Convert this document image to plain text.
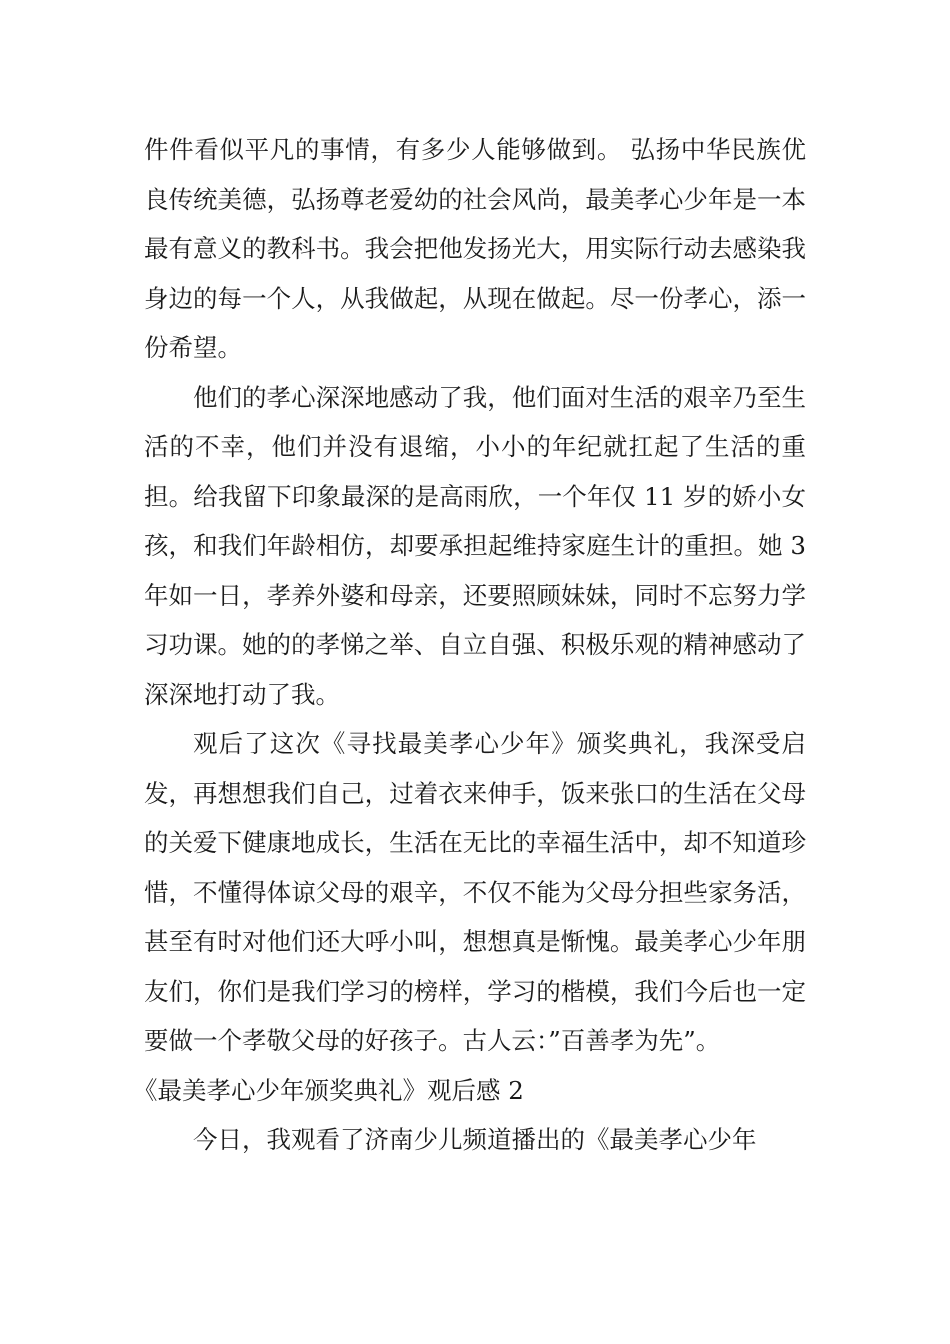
件件看似平凡的事情，有多少人能够做到。 弘扬中华民族优良传统美德，弘扬尊老爱幼的社会风尚，最美孝心少年是一本最有意义的教科书。我会把他发扬光大，用实际行动去感染我身边的每一个人，从我做起，从现在做起。尽一份孝心，添一份希望。

他们的孝心深深地感动了我，他们面对生活的艰辛乃至生活的不幸，他们并没有退缩，小小的年纪就扛起了生活的重担。给我留下印象最深的是高雨欣，一个年仅 11 岁的娇小女孩，和我们年龄相仿，却要承担起维持家庭生计的重担。她 3 年如一日，孝养外婆和母亲，还要照顾妹妹，同时不忘努力学习功课。她的的孝悌之举、自立自强、积极乐观的精神感动了深深地打动了我。

观后了这次《寻找最美孝心少年》颁奖典礼，我深受启发，再想想我们自己，过着衣来伸手，饭来张口的生活在父母的关爱下健康地成长，生活在无比的幸福生活中，却不知道珍惜，不懂得体谅父母的艰辛，不仅不能为父母分担些家务活，甚至有时对他们还大呼小叫，想想真是惭愧。最美孝心少年朋友们，你们是我们学习的榜样，学习的楷模，我们今后也一定要做一个孝敬父母的好孩子。古人云：”百善孝为先”。

《最美孝心少年颁奖典礼》观后感 2

今日，我观看了济南少儿频道播出的《最美孝心少年
